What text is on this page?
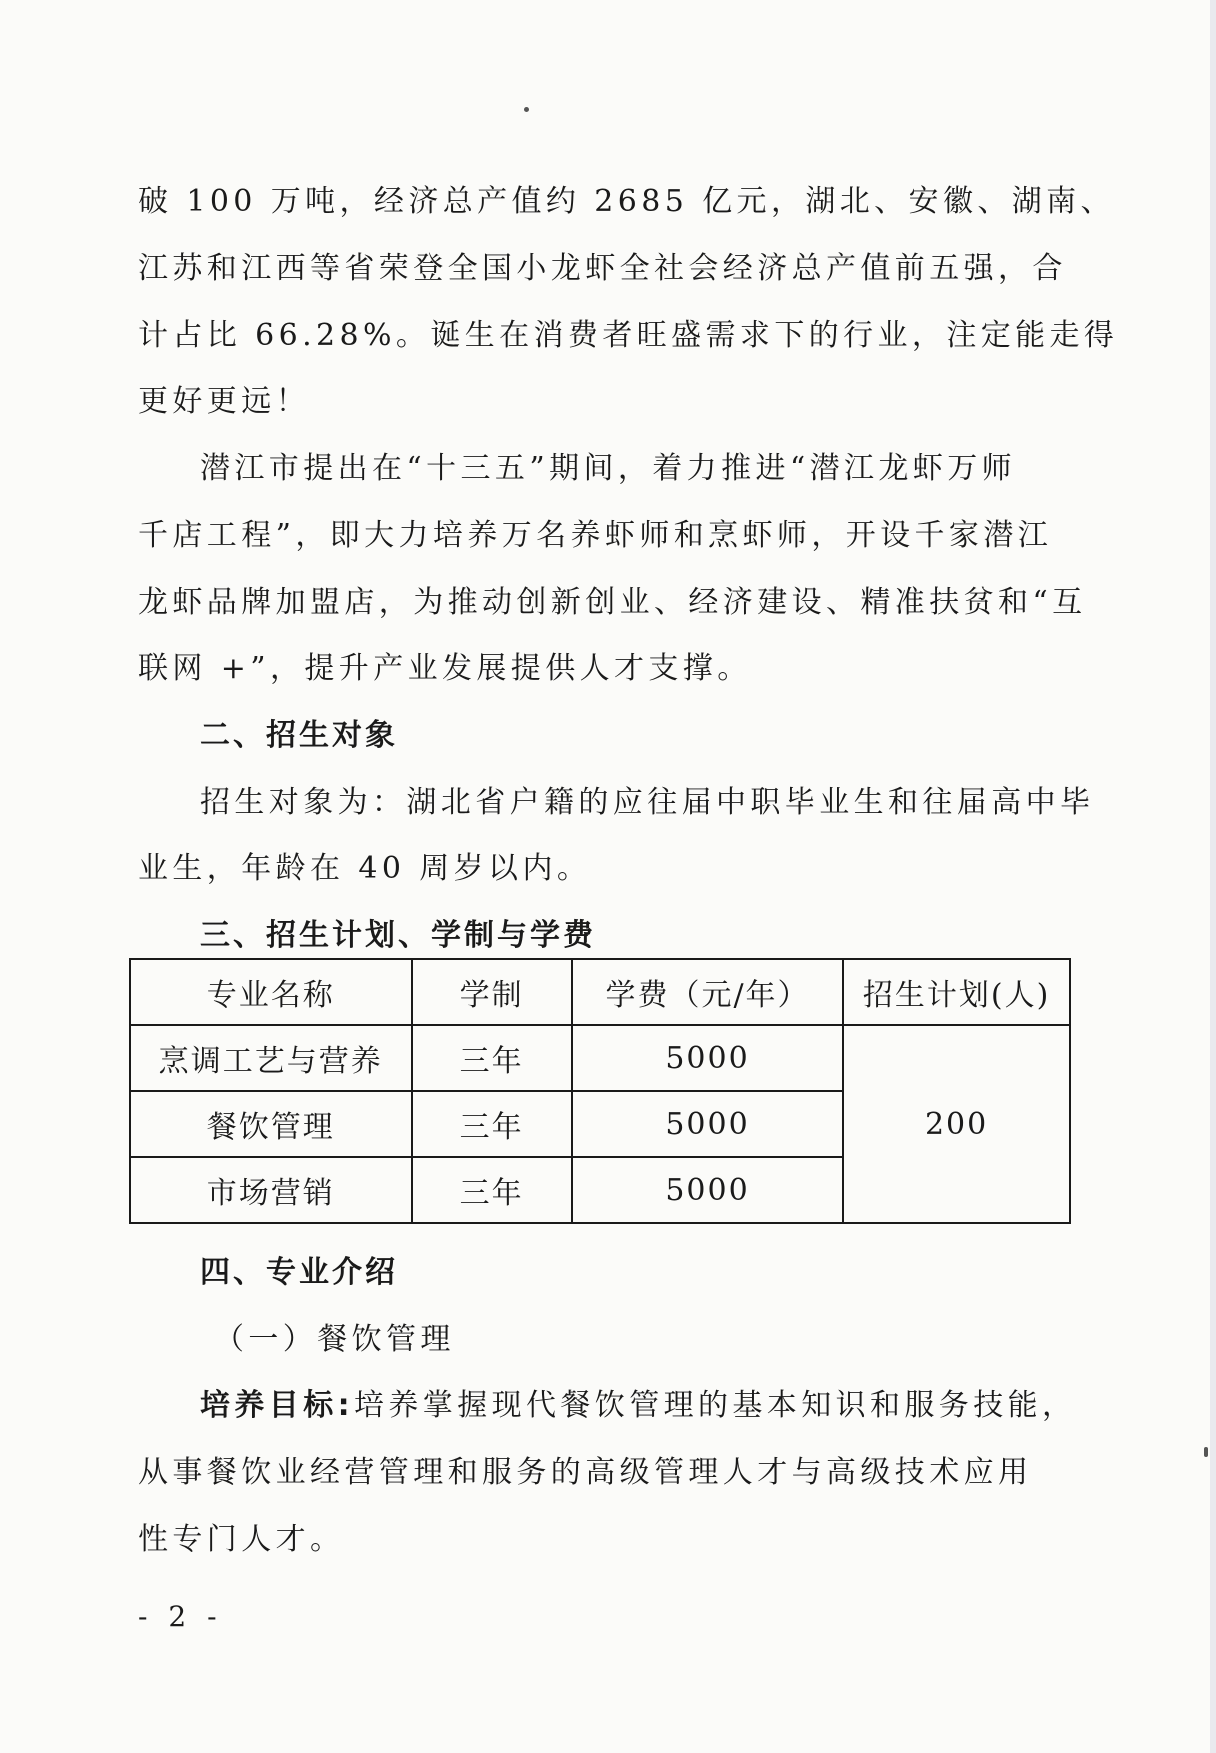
破 100 万吨，经济总产值约 2685 亿元，湖北、安徽、湖南、
江苏和江西等省荣登全国小龙虾全社会经济总产值前五强，合
计占比 66.28%。诞生在消费者旺盛需求下的行业，注定能走得
更好更远！
潜江市提出在“十三五”期间，着力推进“潜江龙虾万师
千店工程”，即大力培养万名养虾师和烹虾师，开设千家潜江
龙虾品牌加盟店，为推动创新创业、经济建设、精准扶贫和“互
联网 +”，提升产业发展提供人才支撑。
二、招生对象
招生对象为：湖北省户籍的应往届中职毕业生和往届高中毕
业生，年龄在 40 周岁以内。
三、招生计划、学制与学费
专业名称	学制	学费（元/年）	招生计划(人)
烹调工艺与营养	三年	5000	200
餐饮管理	三年	5000	
市场营销	三年	5000	
四、专业介绍
（一）餐饮管理
培养目标:培养掌握现代餐饮管理的基本知识和服务技能，
从事餐饮业经营管理和服务的高级管理人才与高级技术应用
性专门人才。
- 2 -
